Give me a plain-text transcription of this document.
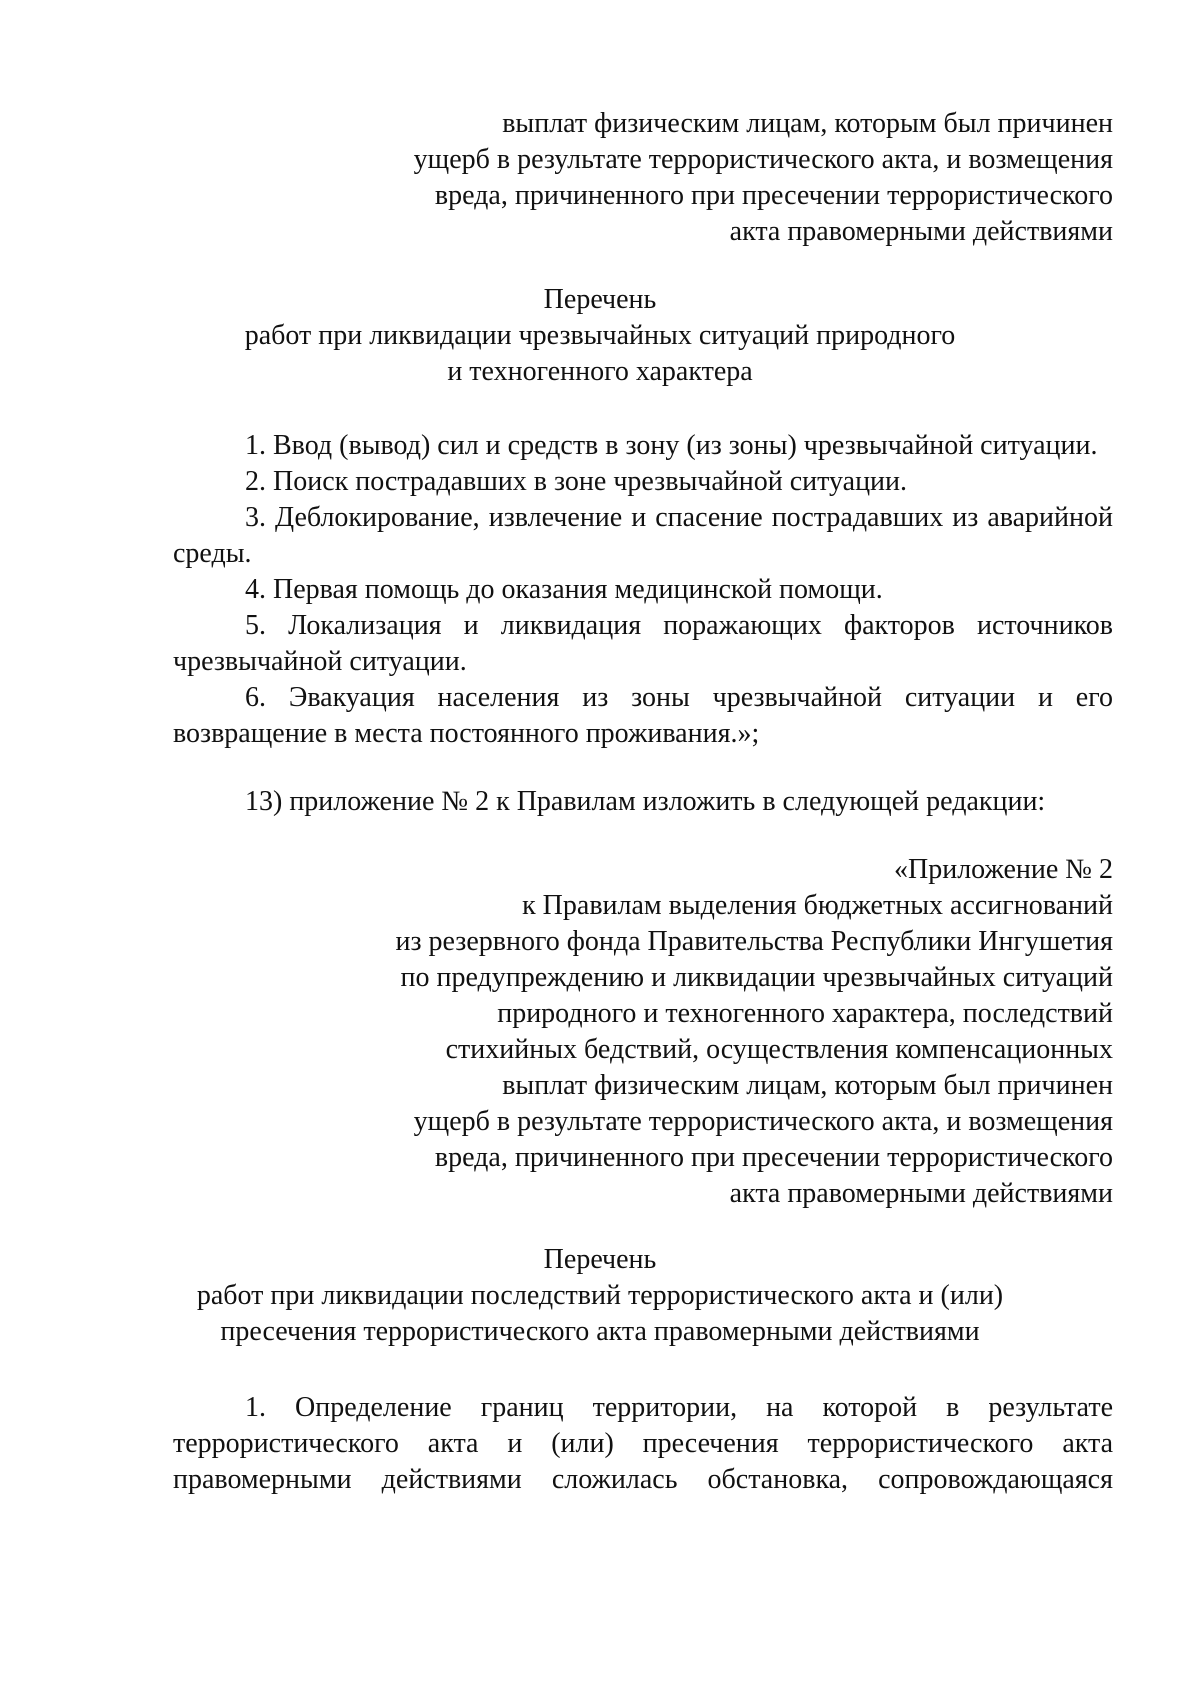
выплат физическим лицам, которым был причинен
ущерб в результате террористического акта, и возмещения
вреда, причиненного при пресечении террористического
акта правомерными действиями
Перечень
работ при ликвидации чрезвычайных ситуаций природного
и техногенного характера
1. Ввод (вывод) сил и средств в зону (из зоны) чрезвычайной ситуации.
2. Поиск пострадавших в зоне чрезвычайной ситуации.
3. Деблокирование, извлечение и спасение пострадавших из аварийной
среды.
4. Первая помощь до оказания медицинской помощи.
5. Локализация и ликвидация поражающих факторов источников
чрезвычайной ситуации.
6. Эвакуация населения из зоны чрезвычайной ситуации и его
возвращение в места постоянного проживания.»;
13) приложение № 2 к Правилам изложить в следующей редакции:
«Приложение № 2
к Правилам выделения бюджетных ассигнований
из резервного фонда Правительства Республики Ингушетия
по предупреждению и ликвидации чрезвычайных ситуаций
природного и техногенного характера, последствий
стихийных бедствий, осуществления компенсационных
выплат физическим лицам, которым был причинен
ущерб в результате террористического акта, и возмещения
вреда, причиненного при пресечении террористического
акта правомерными действиями
Перечень
работ при ликвидации последствий террористического акта и (или)
пресечения террористического акта правомерными действиями
1. Определение границ территории, на которой в результате
террористического акта и (или) пресечения террористического акта
правомерными действиями сложилась обстановка, сопровождающаяся
